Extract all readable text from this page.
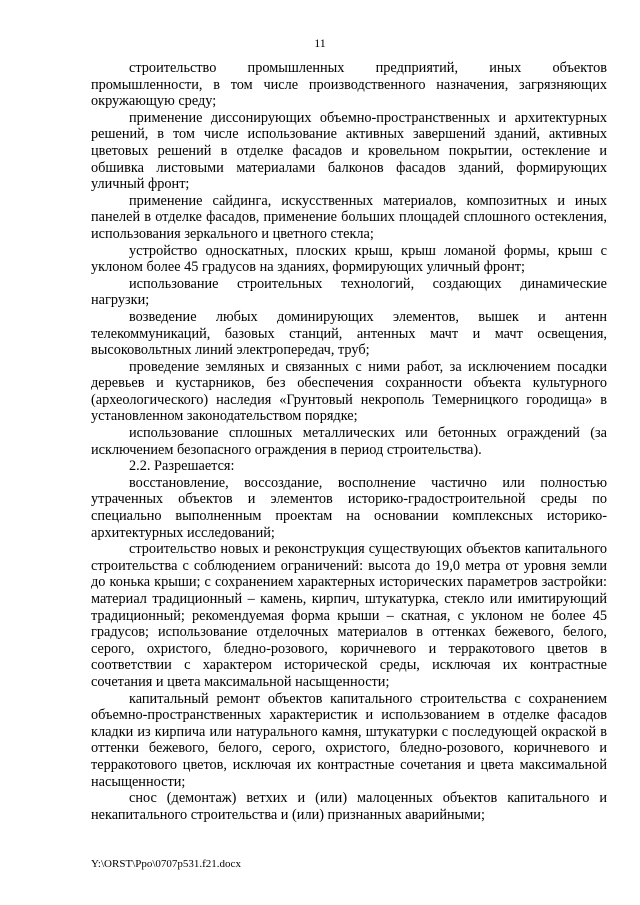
11

строительство промышленных предприятий, иных объектов промышленности, в том числе производственного назначения, загрязняющих окружающую среду;

применение диссонирующих объемно-пространственных и архитектурных решений, в том числе использование активных завершений зданий, активных цветовых решений в отделке фасадов и кровельном покрытии, остекление и обшивка листовыми материалами балконов фасадов зданий, формирующих уличный фронт;

применение сайдинга, искусственных материалов, композитных и иных панелей в отделке фасадов, применение больших площадей сплошного остекления, использования зеркального и цветного стекла;

устройство односкатных, плоских крыш, крыш ломаной формы, крыш с уклоном более 45 градусов на зданиях, формирующих уличный фронт;

использование строительных технологий, создающих динамические нагрузки;

возведение любых доминирующих элементов, вышек и антенн телекоммуникаций, базовых станций, антенных мачт и мачт освещения, высоковольтных линий электропередач, труб;

проведение земляных и связанных с ними работ, за исключением посадки деревьев и кустарников, без обеспечения сохранности объекта культурного (археологического) наследия «Грунтовый некрополь Темерницкого городища» в установленном законодательством порядке;

использование сплошных металлических или бетонных ограждений (за исключением безопасного ограждения в период строительства).

2.2. Разрешается:

восстановление, воссоздание, восполнение частично или полностью утраченных объектов и элементов историко-градостроительной среды по специально выполненным проектам на основании комплексных историко-архитектурных исследований;

строительство новых и реконструкция существующих объектов капитального строительства с соблюдением ограничений: высота до 19,0 метра от уровня земли до конька крыши; с сохранением характерных исторических параметров застройки: материал традиционный – камень, кирпич, штукатурка, стекло или имитирующий традиционный; рекомендуемая форма крыши – скатная, с уклоном не более 45 градусов; использование отделочных материалов в оттенках бежевого, белого, серого, охристого, бледно-розового, коричневого и терракотового цветов в соответствии с характером исторической среды, исключая их контрастные сочетания и цвета максимальной насыщенности;

капитальный ремонт объектов капитального строительства с сохранением объемно-пространственных характеристик и использованием в отделке фасадов кладки из кирпича или натурального камня, штукатурки с последующей окраской в оттенки бежевого, белого, серого, охристого, бледно-розового, коричневого и терракотового цветов, исключая их контрастные сочетания и цвета максимальной насыщенности;

снос (демонтаж) ветхих и (или) малоценных объектов капитального и некапитального строительства и (или) признанных аварийными;

Y:\ORST\Ppo\0707p531.f21.docx
